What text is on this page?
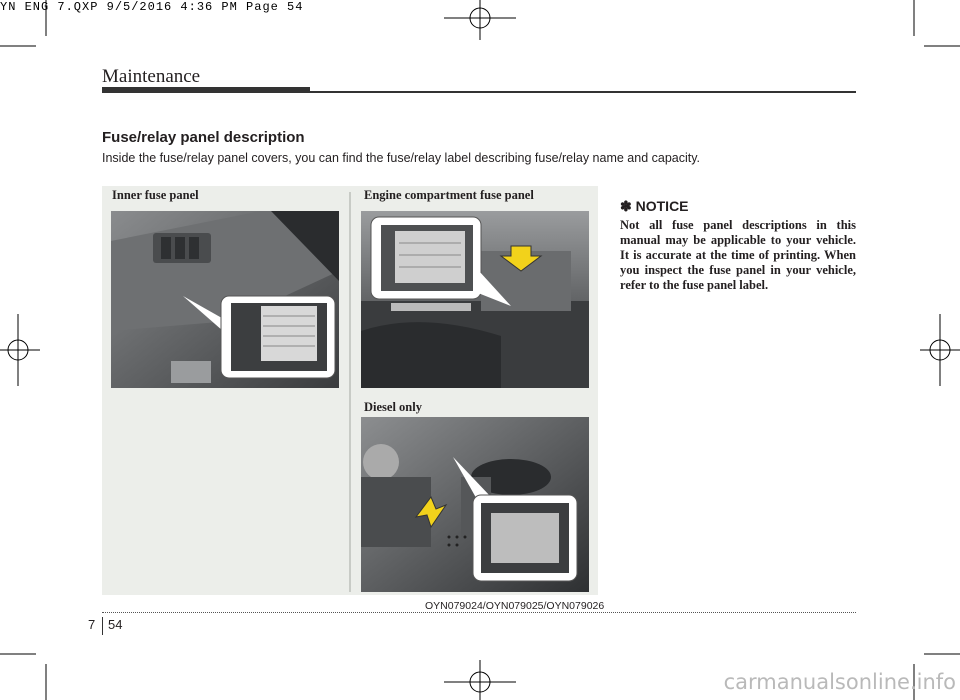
YN ENG 7.QXP 9/5/2016 4:36 PM Page 54
Maintenance
Fuse/relay panel description
Inside the fuse/relay panel covers, you can find the fuse/relay label describing fuse/relay name and capacity.
Inner fuse panel	Engine compartment fuse panel
Diesel only
OYN079024/OYN079025/OYN079026
✽ NOTICE
Not all fuse panel descriptions in this manual may be applicable to your vehicle. It is accurate at the time of printing. When you inspect the fuse panel in your vehicle, refer to the fuse panel label.
7 54
carmanualsonline.info
